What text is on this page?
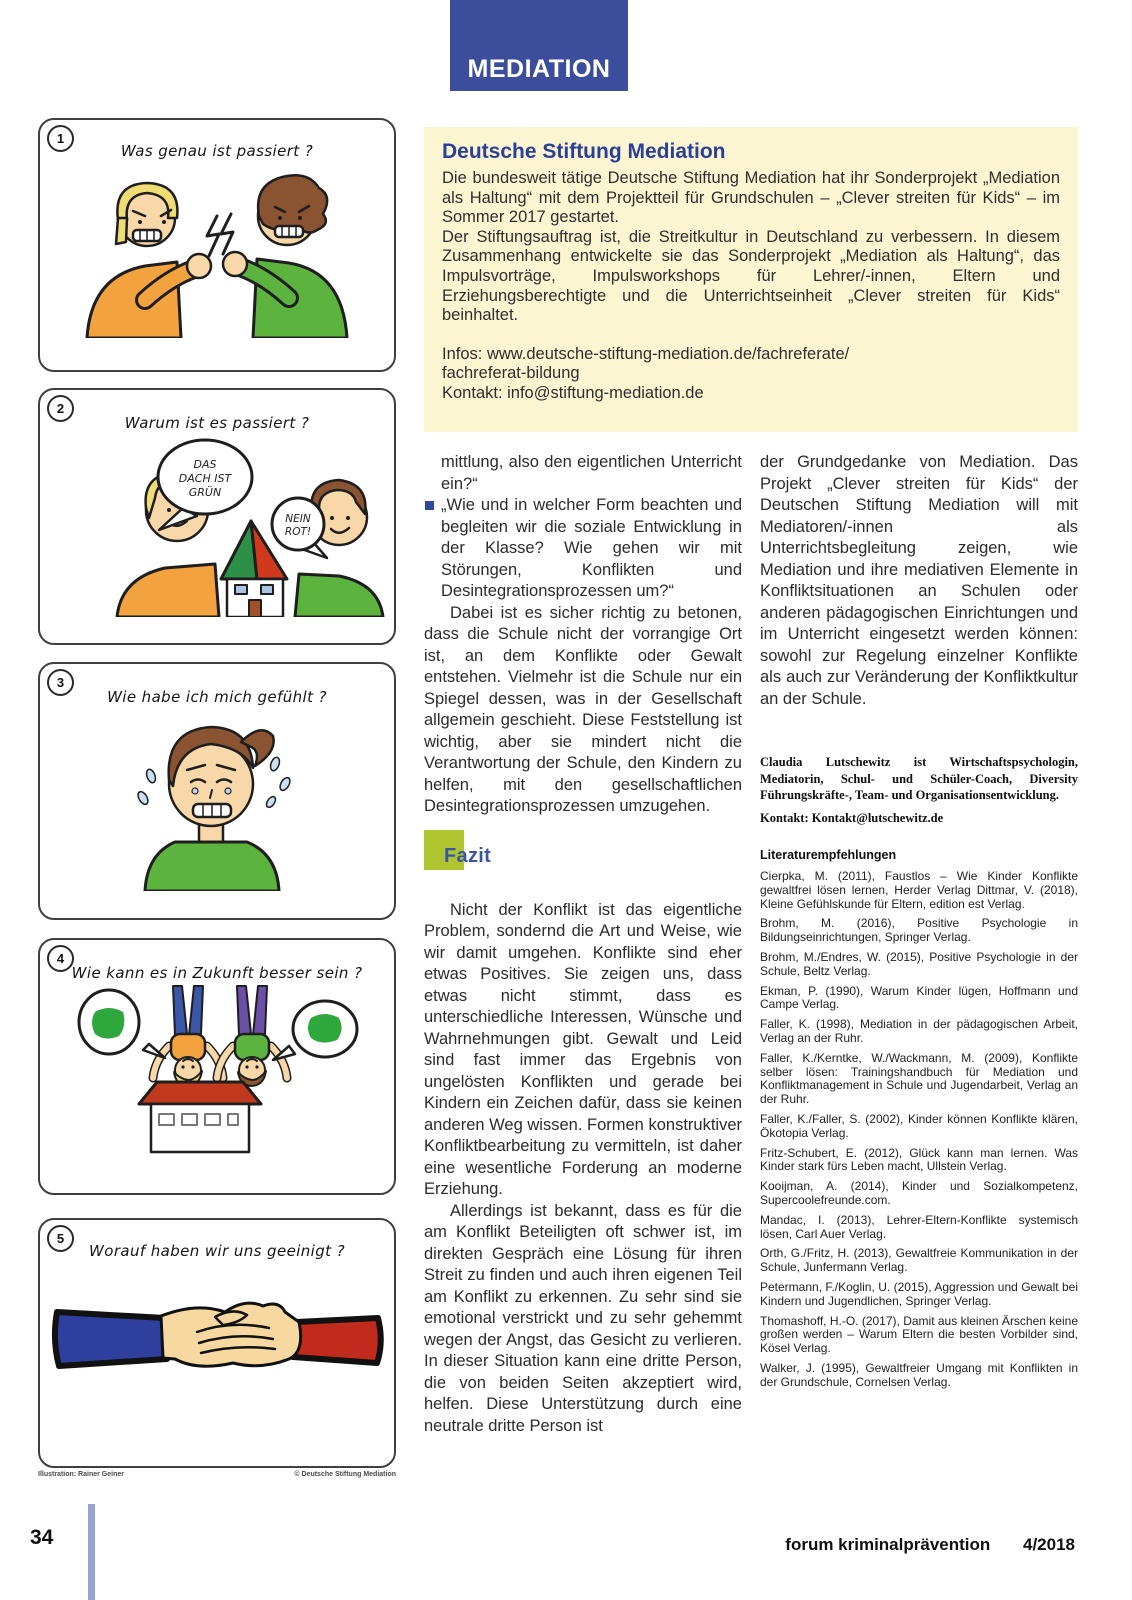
MEDIATION
Deutsche Stiftung Mediation

Die bundesweit tätige Deutsche Stiftung Mediation hat ihr Sonderprojekt „Mediation als Haltung“ mit dem Projektteil für Grundschulen – „Clever streiten für Kids“ – im Sommer 2017 gestartet.

Der Stiftungsauftrag ist, die Streitkultur in Deutschland zu verbessern. In diesem Zusammenhang entwickelte sie das Sonderprojekt „Mediation als Haltung“, das Impulsvorträge, Impulsworkshops für Lehrer/-innen, Eltern und Erziehungsberechtigte und die Unterrichtseinheit „Clever streiten für Kids“ beinhaltet.

Infos: www.deutsche-stiftung-mediation.de/fachreferate/

fachreferat-bildung

Kontakt: info@stiftung-mediation.de

1

Was genau ist passiert ?

2

Warum ist es passiert ?

DAS
DACH IST
GRÜN
NEIN
ROT!
3

Wie habe ich mich gefühlt ?

4

Wie kann es in Zukunft besser sein ?

5

Worauf haben wir uns geeinigt ?

Illustration: Rainer Geiner	© Deutsche Stiftung Mediation

mittlung, also den eigentlichen Unterricht ein?“

„Wie und in welcher Form beachten und begleiten wir die soziale Entwicklung in der Klasse? Wie gehen wir mit Störungen, Konflikten und Desintegrationsprozessen um?“

Dabei ist es sicher richtig zu betonen, dass die Schule nicht der vorrangige Ort ist, an dem Konflikte oder Gewalt entstehen. Vielmehr ist die Schule nur ein Spiegel dessen, was in der Gesellschaft allgemein geschieht. Diese Feststellung ist wichtig, aber sie mindert nicht die Verantwortung der Schule, den Kindern zu helfen, mit den gesellschaftlichen Desintegrationsprozessen umzugehen.

Fazit

Nicht der Konflikt ist das eigentliche Problem, sondernd die Art und Weise, wie wir damit umgehen. Konflikte sind eher etwas Positives. Sie zeigen uns, dass etwas nicht stimmt, dass es unterschiedliche Interessen, Wünsche und Wahrnehmungen gibt. Gewalt und Leid sind fast immer das Ergebnis von ungelösten Konflikten und gerade bei Kindern ein Zeichen dafür, dass sie keinen anderen Weg wissen. Formen konstruktiver Konfliktbearbeitung zu vermitteln, ist daher eine wesentliche Forderung an moderne Erziehung.

Allerdings ist bekannt, dass es für die am Konflikt Beteiligten oft schwer ist, im direkten Gespräch eine Lösung für ihren Streit zu finden und auch ihren eigenen Teil am Konflikt zu erkennen. Zu sehr sind sie emotional verstrickt und zu sehr gehemmt wegen der Angst, das Gesicht zu verlieren. In dieser Situation kann eine dritte Person, die von beiden Seiten akzeptiert wird, helfen. Diese Unterstützung durch eine neutrale dritte Person ist

der Grundgedanke von Mediation. Das Projekt „Clever streiten für Kids“ der Deutschen Stiftung Mediation will mit Mediatoren/-innen als Unterrichtsbegleitung zeigen, wie Mediation und ihre mediativen Elemente in Konfliktsituationen an Schulen oder anderen pädagogischen Einrichtungen und im Unterricht eingesetzt werden können: sowohl zur Regelung einzelner Konflikte als auch zur Veränderung der Konfliktkultur an der Schule.

Claudia Lutschewitz ist Wirtschaftspsychologin, Mediatorin, Schul- und Schüler-Coach, Diversity Führungskräfte-, Team- und Organisationsentwicklung.

Kontakt: Kontakt@lutschewitz.de

Literaturempfehlungen

Cierpka, M. (2011), Faustlos – Wie Kinder Konflikte gewaltfrei lösen lernen, Herder Verlag Dittmar, V. (2018), Kleine Gefühlskunde für Eltern, edition est Verlag.

Brohm, M. (2016), Positive Psychologie in Bildungseinrichtungen, Springer Verlag.

Brohm, M./Endres, W. (2015), Positive Psychologie in der Schule, Beltz Verlag.

Ekman, P. (1990), Warum Kinder lügen, Hoffmann und Campe Verlag.

Faller, K. (1998), Mediation in der pädagogischen Arbeit, Verlag an der Ruhr.

Faller, K./Kerntke, W./Wackmann, M. (2009), Konflikte selber lösen: Trainingshandbuch für Mediation und Konfliktmanagement in Schule und Jugendarbeit, Verlag an der Ruhr.

Faller, K./Faller, S. (2002), Kinder können Konflikte klären, Ökotopia Verlag.

Fritz-Schubert, E. (2012), Glück kann man lernen. Was Kinder stark fürs Leben macht, Ullstein Verlag.

Kooijman, A. (2014), Kinder und Sozialkompetenz, Supercoolefreunde.com.

Mandac, I. (2013), Lehrer-Eltern-Konflikte systemisch lösen, Carl Auer Verlag.

Orth, G./Fritz, H. (2013), Gewaltfreie Kommunikation in der Schule, Junfermann Verlag.

Petermann, F./Koglin, U. (2015), Aggression und Gewalt bei Kindern und Jugendlichen, Springer Verlag.

Thomashoff, H.-O. (2017), Damit aus kleinen Ärschen keine großen werden – Warum Eltern die besten Vorbilder sind, Kösel Verlag.

Walker, J. (1995), Gewaltfreier Umgang mit Konflikten in der Grundschule, Cornelsen Verlag.

34	forum kriminalprävention 4/2018
